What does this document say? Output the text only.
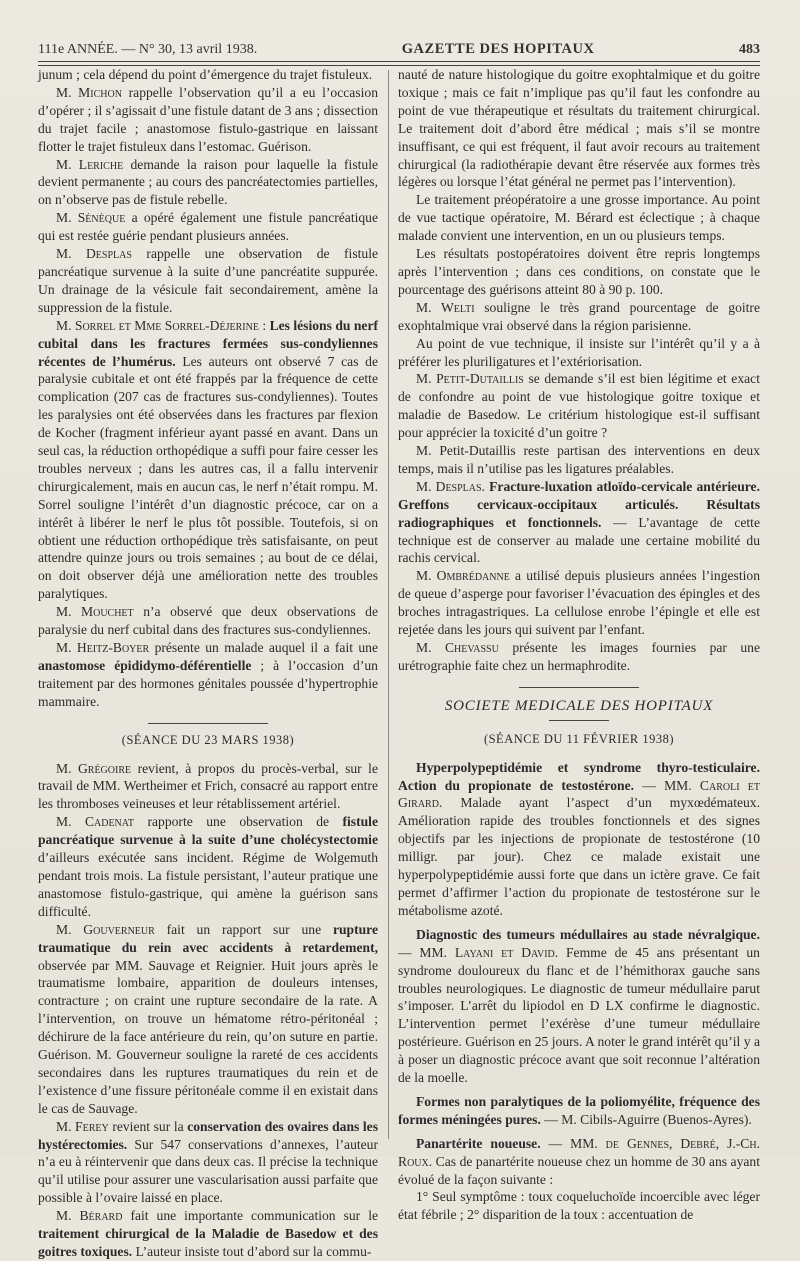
111e ANNÉE. — N° 30, 13 avril 1938.	GAZETTE DES HOPITAUX	483

junum ; cela dépend du point d’émergence du trajet fistuleux.

M. Michon rappelle l’observation qu’il a eu l’occasion d’opérer ; il s’agissait d’une fistule datant de 3 ans ; dissection du trajet facile ; anastomose fistulo-gastrique en laissant flotter le trajet fistuleux dans l’estomac. Guérison.

M. Leriche demande la raison pour laquelle la fistule devient permanente ; au cours des pancréatectomies partielles, on n’observe pas de fistule rebelle.

M. Sénèque a opéré également une fistule pancréatique qui est restée guérie pendant plusieurs années.

M. Desplas rappelle une observation de fistule pancréatique survenue à la suite d’une pancréatite suppurée. Un drainage de la vésicule fait secondairement, amène la suppression de la fistule.

M. Sorrel et Mme Sorrel-Déjerine : Les lésions du nerf cubital dans les fractures fermées sus-condyliennes récentes de l’humérus. Les auteurs ont observé 7 cas de paralysie cubitale et ont été frappés par la fréquence de cette complication (207 cas de fractures sus-condyliennes). Toutes les paralysies ont été observées dans les fractures par flexion de Kocher (fragment inférieur ayant passé en avant. Dans un seul cas, la réduction orthopédique a suffi pour faire cesser les troubles nerveux ; dans les autres cas, il a fallu intervenir chirurgicalement, mais en aucun cas, le nerf n’était rompu. M. Sorrel souligne l’intérêt d’un diagnostic précoce, car on a intérêt à libérer le nerf le plus tôt possible. Toutefois, si on obtient une réduction orthopédique très satisfaisante, on peut attendre quinze jours ou trois semaines ; au bout de ce délai, on doit observer déjà une amélioration nette des troubles paralytiques.

M. Mouchet n’a observé que deux observations de paralysie du nerf cubital dans des fractures sus-condyliennes.

M. Heitz-Boyer présente un malade auquel il a fait une anastomose épididymo-déférentielle ; à l’occasion d’un traitement par des hormones génitales poussée d’hypertrophie mammaire.

(SÉANCE DU 23 MARS 1938)

M. Grégoire revient, à propos du procès-verbal, sur le travail de MM. Wertheimer et Frich, consacré au rapport entre les thromboses veineuses et leur rétablissement artériel.

M. Cadenat rapporte une observation de fistule pancréatique survenue à la suite d’une cholécystectomie d’ailleurs exécutée sans incident. Régime de Wolgemuth pendant trois mois. La fistule persistant, l’auteur pratique une anastomose fistulo-gastrique, qui amène la guérison sans difficulté.

M. Gouverneur fait un rapport sur une rupture traumatique du rein avec accidents à retardement, observée par MM. Sauvage et Reignier. Huit jours après le traumatisme lombaire, apparition de douleurs intenses, contracture ; on craint une rupture secondaire de la rate. A l’intervention, on trouve un hématome rétro-péritonéal ; déchirure de la face antérieure du rein, qu’on suture en partie. Guérison. M. Gouverneur souligne la rareté de ces accidents secondaires dans les ruptures traumatiques du rein et de l’existence d’une fissure péritonéale comme il en existait dans le cas de Sauvage.

M. Ferey revient sur la conservation des ovaires dans les hystérectomies. Sur 547 conservations d’annexes, l’auteur n’a eu à réintervenir que dans deux cas. Il précise la technique qu’il utilise pour assurer une vascularisation aussi parfaite que possible à l’ovaire laissé en place.

M. Bérard fait une importante communication sur le traitement chirurgical de la Maladie de Basedow et des goitres toxiques. L’auteur insiste tout d’abord sur la commu-

nauté de nature histologique du goitre exophtalmique et du goitre toxique ; mais ce fait n’implique pas qu’il faut les confondre au point de vue thérapeutique et résultats du traitement chirurgical. Le traitement doit d’abord être médical ; mais s’il se montre insuffisant, ce qui est fréquent, il faut avoir recours au traitement chirurgical (la radiothérapie devant être réservée aux formes très légères ou lorsque l’état général ne permet pas l’intervention).

Le traitement préopératoire a une grosse importance. Au point de vue tactique opératoire, M. Bérard est éclectique ; à chaque malade convient une intervention, en un ou plusieurs temps.

Les résultats postopératoires doivent être repris longtemps après l’intervention ; dans ces conditions, on constate que le pourcentage des guérisons atteint 80 à 90 p. 100.

M. Welti souligne le très grand pourcentage de goitre exophtalmique vrai observé dans la région parisienne.

Au point de vue technique, il insiste sur l’intérêt qu’il y a à préférer les pluriligatures et l’extériorisation.

M. Petit-Dutaillis se demande s’il est bien légitime et exact de confondre au point de vue histologique goitre toxique et maladie de Basedow. Le critérium histologique est-il suffisant pour apprécier la toxicité d’un goitre ?

M. Petit-Dutaillis reste partisan des interventions en deux temps, mais il n’utilise pas les ligatures préalables.

M. Desplas. Fracture-luxation atloïdo-cervicale antérieure. Greffons cervicaux-occipitaux articulés. Résultats radiographiques et fonctionnels. — L’avantage de cette technique est de conserver au malade une certaine mobilité du rachis cervical.

M. Ombrédanne a utilisé depuis plusieurs années l’ingestion de queue d’asperge pour favoriser l’évacuation des épingles et des broches intragastriques. La cellulose enrobe l’épingle et elle est rejetée dans les jours qui suivent par l’enfant.

M. Chevassu présente les images fournies par une urétrographie faite chez un hermaphrodite.

SOCIETE MEDICALE DES HOPITAUX
(SÉANCE DU 11 FÉVRIER 1938)

Hyperpolypeptidémie et syndrome thyro-testiculaire. Action du propionate de testostérone. — MM. Caroli et Girard. Malade ayant l’aspect d’un myxœdémateux. Amélioration rapide des troubles fonctionnels et des signes objectifs par les injections de propionate de testostérone (10 milligr. par jour). Chez ce malade existait une hyperpolypeptidémie aussi forte que dans un ictère grave. Ce fait permet d’affirmer l’action du propionate de testostérone sur le métabolisme azoté.

Diagnostic des tumeurs médullaires au stade névralgique. — MM. Layani et David. Femme de 45 ans présentant un syndrome douloureux du flanc et de l’hémithorax gauche sans troubles neurologiques. Le diagnostic de tumeur médullaire parut s’imposer. L’arrêt du lipiodol en D LX confirme le diagnostic. L’intervention permet l’exérèse d’une tumeur médullaire postérieure. Guérison en 25 jours. A noter le grand intérêt qu’il y a à poser un diagnostic précoce avant que soit reconnue l’altération de la moelle.

Formes non paralytiques de la poliomyélite, fréquence des formes méningées pures. — M. Cibils-Aguirre (Buenos-Ayres).

Panartérite noueuse. — MM. de Gennes, Debré, J.-Ch. Roux. Cas de panartérite noueuse chez un homme de 30 ans ayant évolué de la façon suivante :

1° Seul symptôme : toux coqueluchoïde incoercible avec léger état fébrile ; 2° disparition de la toux : accentuation de
